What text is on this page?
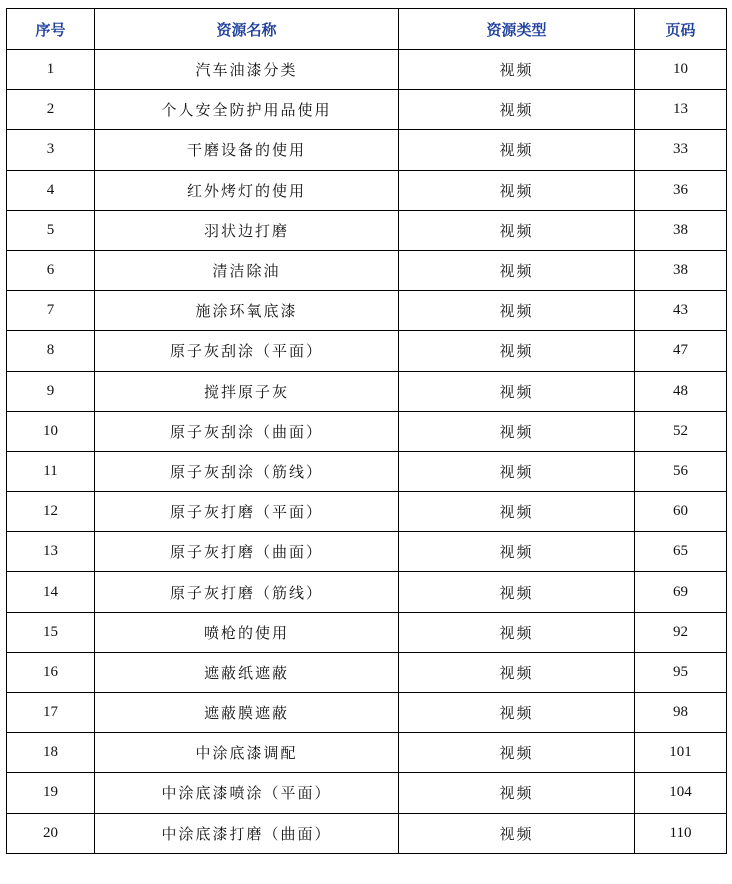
序号	资源名称	资源类型	页码
1	汽车油漆分类	视频	10
2	个人安全防护用品使用	视频	13
3	干磨设备的使用	视频	33
4	红外烤灯的使用	视频	36
5	羽状边打磨	视频	38
6	清洁除油	视频	38
7	施涂环氧底漆	视频	43
8	原子灰刮涂（平面）	视频	47
9	搅拌原子灰	视频	48
10	原子灰刮涂（曲面）	视频	52
11	原子灰刮涂（筋线）	视频	56
12	原子灰打磨（平面）	视频	60
13	原子灰打磨（曲面）	视频	65
14	原子灰打磨（筋线）	视频	69
15	喷枪的使用	视频	92
16	遮蔽纸遮蔽	视频	95
17	遮蔽膜遮蔽	视频	98
18	中涂底漆调配	视频	101
19	中涂底漆喷涂（平面）	视频	104
20	中涂底漆打磨（曲面）	视频	110
